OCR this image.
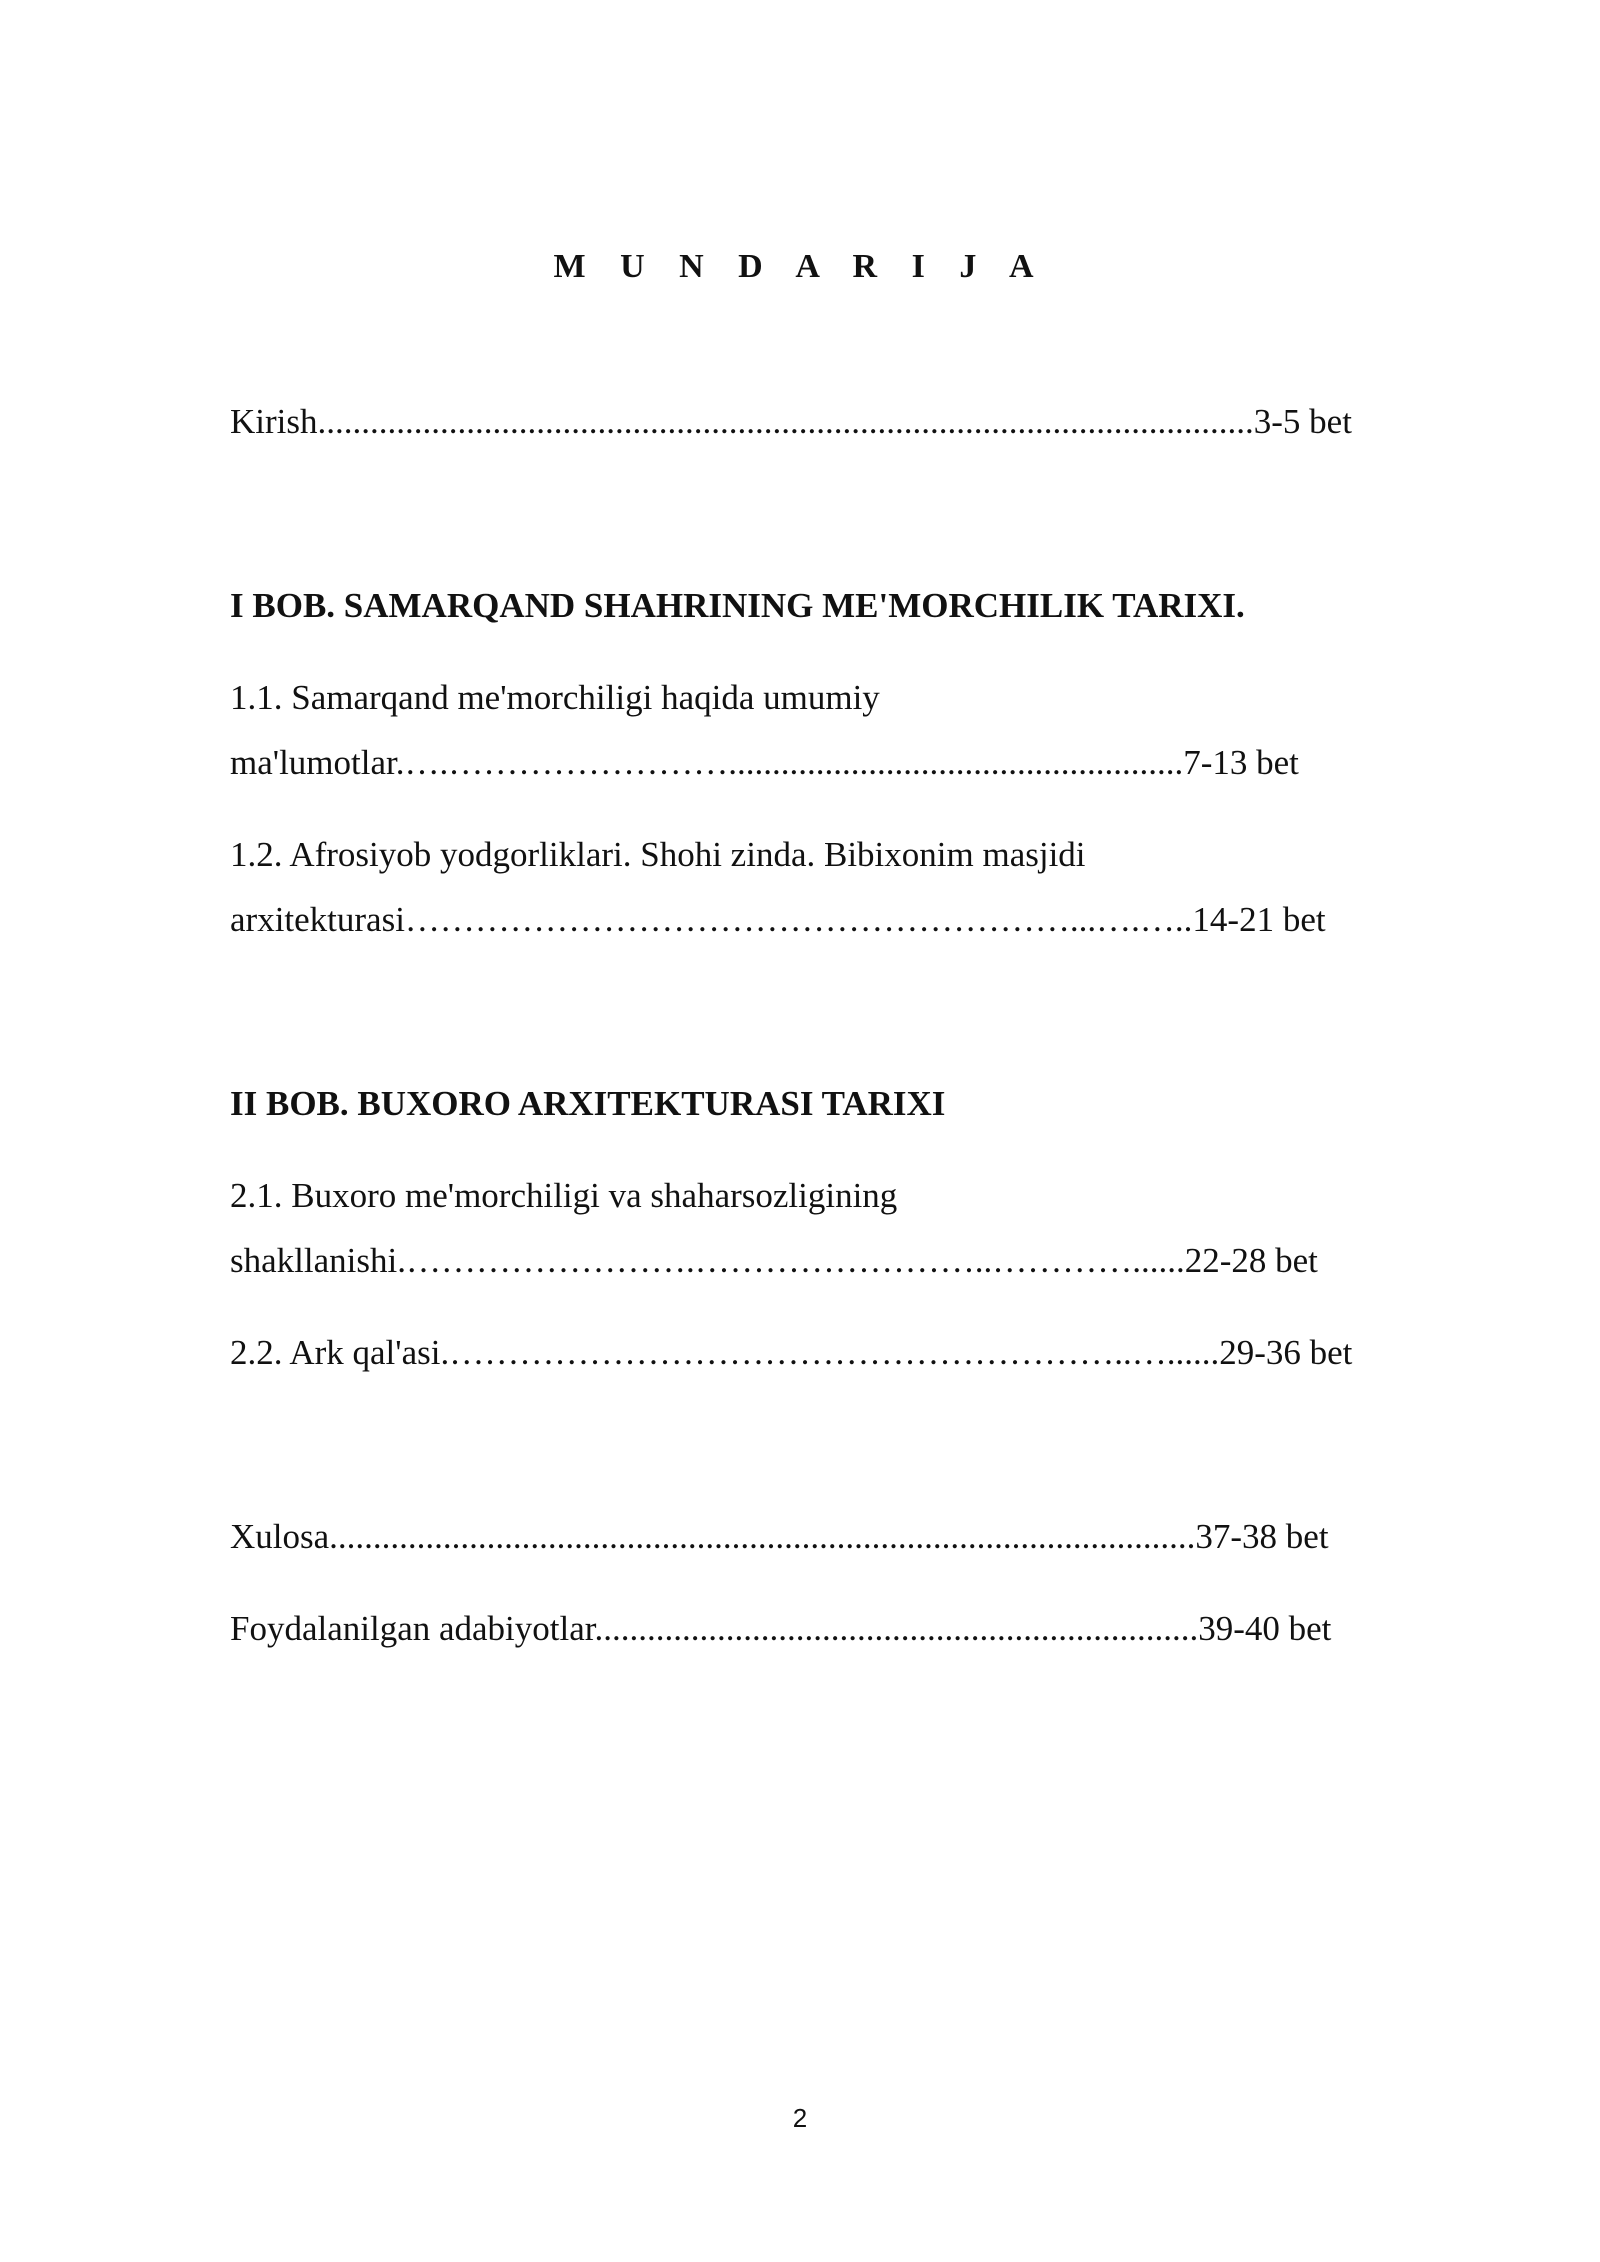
M U N D A R I J A
Kirish...........................................................................................................3-5 bet
I BOB. SAMARQAND SHAHRINING ME'MORCHILIK TARIXI.
1.1. Samarqand me'morchiligi haqida umumiy
ma'lumotlar.….……………………....................................................7-13 bet
1.2. Afrosiyob yodgorliklari. Shohi zinda. Bibixonim masjidi
arxitekturasi…………………………………………………...….…..14-21 bet
II BOB. BUXORO ARXITEKTURASI TARIXI
2.1. Buxoro me'morchiligi va shaharsozligining
shakllanishi.…………………….……………………..…………......22-28 bet
2.2. Ark qal'asi.…………………………………………………..…......29-36 bet
Xulosa...................................................................................................37-38 bet
Foydalanilgan adabiyotlar.....................................................................39-40 bet
2
